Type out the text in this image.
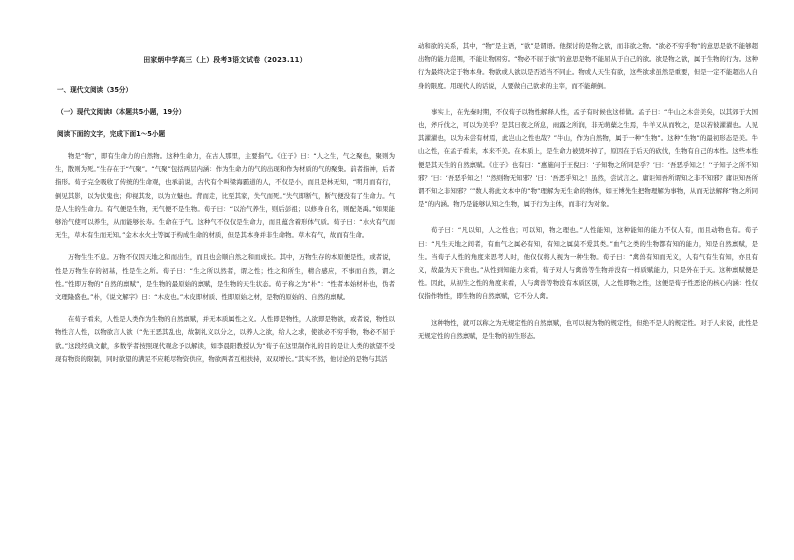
田家炳中学高三（上）段考3语文试卷（2023.11）
一、现代文阅读（35分）
（一）现代文阅读Ⅰ（本题共5小题，19分）
阅读下面的文字，完成下面1～5小题

物是“物”，即有生命力的自然物。这种生命力，在古人那里，主要指气。《庄子》曰：“人之生，气之聚也，聚则为生，散则为死。”生存在于“气聚”。“气聚”包括两层内涵：作为生命力的气的出现和作为材质的气的聚集。前者指神，后者指形。荀子完全吸收了传统的生命观，也承前说，古代有个叫梁海霸道的人，不仅是小，而且是林无知，“明月而有行，倒见其影，以为伏鬼也；仰视其发，以为立魅也。背而走，比至其家，失气而死。”失气即断气，断气便没有了生命力。气是人生的生命力。有气便是生物，无气便不是生物。荀子曰：“以治气养生，则后彭祖；以修身自名，则配尧禹。”如果能够治气使可以养生，从而能够长寿。生命在于气。这种气不仅仅是生命力，而且蕴含着形体气质。荀子曰：“水火有气而无生，草木有生而无知。”金木水火土等属于构成生命的材质，但是其本身并非生命物。草木有气，故而有生命。

万物生生不息。万物不仅因天地之和而出生，而且也会顺自然之和而成长。其中，万物生存的本原便是性，或者说，性是万物生存的初基，性是生之所。荀子曰：“生之所以然者，谓之性；性之和所生，精合感应，不事而自然，谓之性。”性即万物的“自然的禀赋”，是生物的最原始的禀赋，是生物的天生状态。荀子称之为“朴”：“性者本始材朴也，伪者文理隆盛也。”朴，《说文解字》曰：“木皮也。”木皮即材质、性即原始之材，是物的原始的、自然的禀赋。

在荀子看来，人性是人类作为生物的自然禀赋，并无本质属性之义。人性即是物性，人欲即是物欲，或者说，物性以物性言人性，以物欲言人欲（“先王恶其乱也，故制礼义以分之，以养人之欲，给人之求，使欲必不穷乎物，物必不屈于欲。”这段经典文献，多数学者按照现代观念予以解读，如李晨阳教授认为“荀子在这里制作礼的目的是让人类的欲望不受现有物资的限制，同时欲望的满足不应耗尽物资供应，物欲两者互相扶持，双双增长。”其实不然，他讨论的是物与其活

动和欲的关系，其中，“物”是主语，“欲”是谓语。他探讨的是物之欲，而非欲之物。“欲必不穷乎物”的意思是欲不能够超出物的能力范围，不能让物困穷。“物必不屈于欲”的意思是物不能屈从于自己的欲。欲是物之欲，属于生物的行为。这种行为最终决定于物本身。物欲或人欲以是否适当不同止。物或人天生有欲，这些欲求虽然是重要，但是一定不能超出人自身的限度。用现代人的话说，人要做自己欲求的主宰，而不能颠倒。

事实上，在先秦时期，不仅荀子以物性解释人性，孟子有时候也这样做。孟子曰：“牛山之木尝美矣，以其郊于大国也，斧斤伐之，可以为美乎？是其日夜之所息，雨露之所润，非无萌蘖之生焉，牛羊又从而牧之，是以若彼濯濯也。人见其濯濯也，以为未尝有材焉，此岂山之性也哉？”牛山，作为自然物，属于一种“生物”。这种“生物”的最初形态是美。牛山之性，在孟子看来，本来不美。在本质上，是生命力被毁坏掉了，原因在于后天的砍伐，生物有自己的本性。这些本性便是其天生的自然禀赋。《庄子》也有曰：“惠施问于王倪曰：‘子知物之所同是乎？’曰：‘吾恶乎知之！’‘子知子之所不知邪？’曰：‘吾恶乎知之！’‘然则物无知邪？’曰：‘吾恶乎知之！虽然，尝试言之。庸讵知吾所谓知之非不知邪？庸讵知吾所谓不知之非知邪？’”数人将此文本中的“物”理解为无生命的物体，如王博先生把物理解为事物，从而无法解释“物之所同是”的内涵。物乃是能够认知之生物，属于行为主体，而非行为对象。

荀子曰：“凡以知，人之性也；可以知，物之理也。”人性能知，这种能知的能力不仅人有，而且动物也有。荀子曰：“凡生天地之间者，有血气之属必有知，有知之属莫不爱其类。”血气之类的生物都有知的能力，知是自然禀赋，是生。当荀子人性的角度来思考人时，他仅仅将人视为一种生物。荀子曰：“禽兽有知而无义，人有气有生有知，亦且有义，故最为天下贵也。”从性到知能力来看，荀子对人与禽兽等生物并没有一样质赋能力，只是外在于天。这种禀赋便是性。因此，从初生之性的角度来看，人与禽兽等物没有本质区别，人之性即物之性，这便是荀子性恶论的核心内涵：性仅仅指作物性，即生物的自然禀赋，它不分人禽。

这种物性，就可以称之为无规定性的自然禀赋，也可以视为物的规定性，但绝不是人的规定性。对于人来说，此性是无规定性的自然禀赋，是生物的初生形态。
